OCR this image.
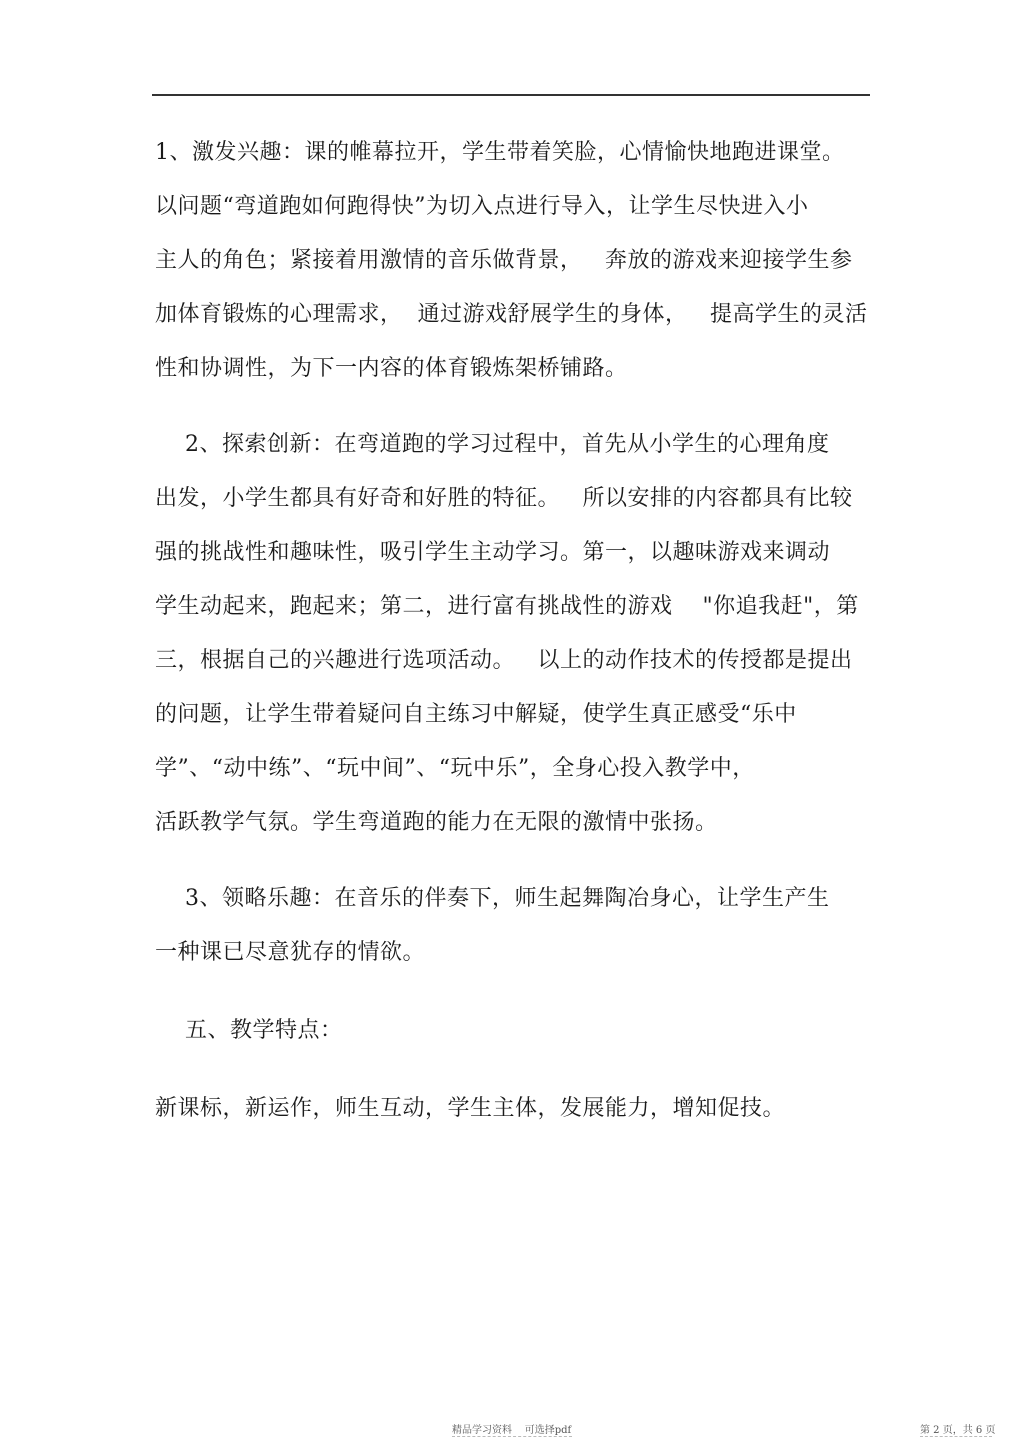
1、激发兴趣：课的帷幕拉开，学生带着笑脸，心情愉快地跑进课堂。
以问题“弯道跑如何跑得快”为切入点进行导入，让学生尽快进入小
主人的角色；紧接着用激情的音乐做背景，   奔放的游戏来迎接学生参
加体育锻炼的心理需求，  通过游戏舒展学生的身体，   提高学生的灵活
性和协调性，为下一内容的体育锻炼架桥铺路。
2、探索创新：在弯道跑的学习过程中，首先从小学生的心理角度
出发，小学生都具有好奇和好胜的特征。   所以安排的内容都具有比较
强的挑战性和趣味性，吸引学生主动学习。第一，以趣味游戏来调动
学生动起来，跑起来；第二，进行富有挑战性的游戏    "你追我赶"，第
三，根据自己的兴趣进行选项活动。   以上的动作技术的传授都是提出
的问题，让学生带着疑问自主练习中解疑，使学生真正感受“乐中
学”、“动中练”、“玩中间”、“玩中乐”，全身心投入教学中，
活跃教学气氛。学生弯道跑的能力在无限的激情中张扬。
3、领略乐趣：在音乐的伴奏下，师生起舞陶冶身心，让学生产生
一种课已尽意犹存的情欲。
五、教学特点：
新课标，新运作，师生互动，学生主体，发展能力，增知促技。
精品学习资料    可选择pdf	第 2 页，共 6 页
